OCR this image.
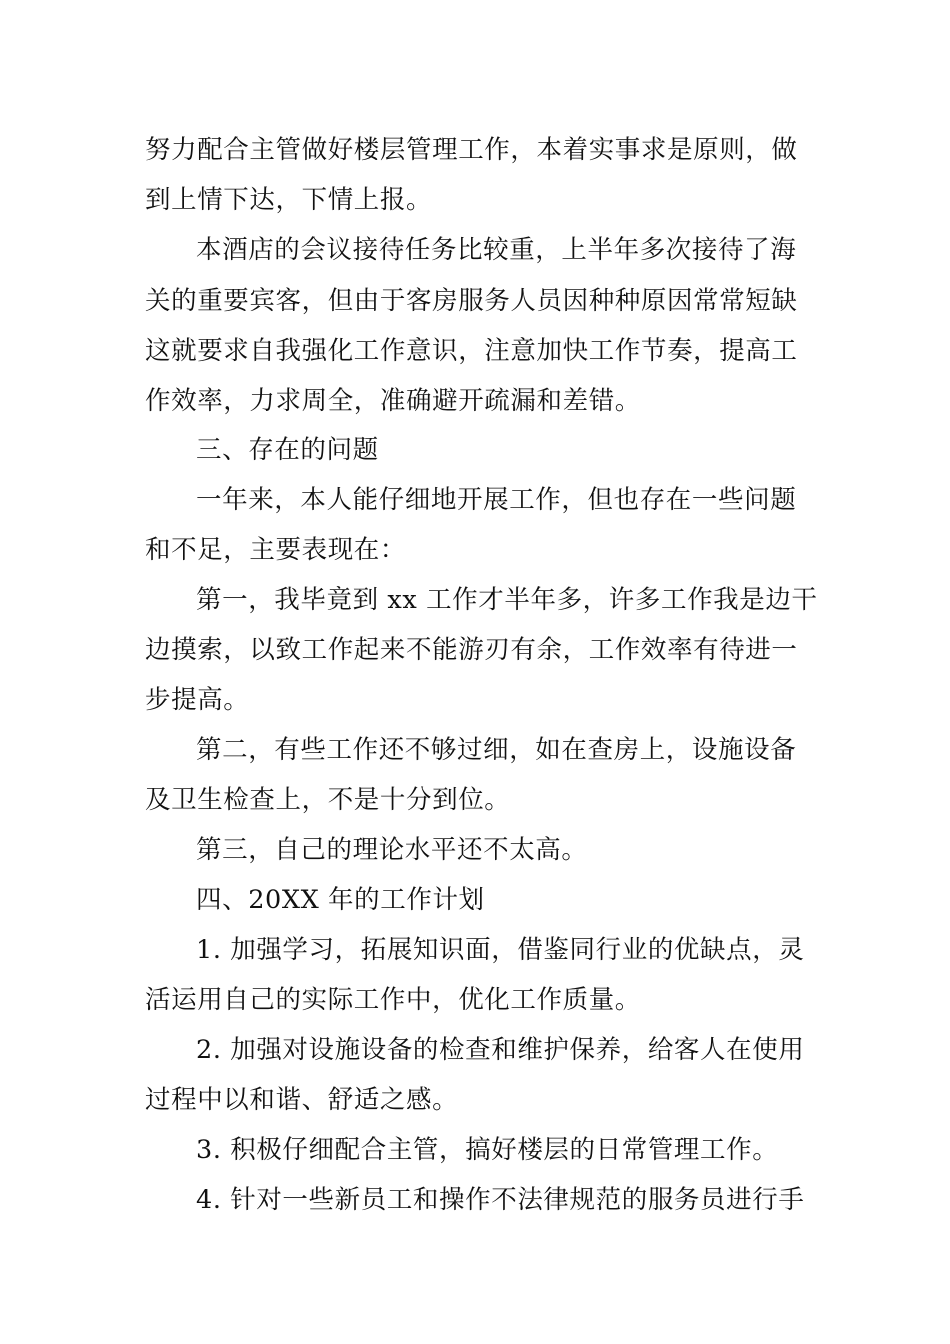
努力配合主管做好楼层管理工作，本着实事求是原则，做
到上情下达，下情上报。
本酒店的会议接待任务比较重，上半年多次接待了海
关的重要宾客，但由于客房服务人员因种种原因常常短缺
这就要求自我强化工作意识，注意加快工作节奏，提高工
作效率，力求周全，准确避开疏漏和差错。
三、存在的问题
一年来，本人能仔细地开展工作，但也存在一些问题
和不足，主要表现在：
第一，我毕竟到 xx 工作才半年多，许多工作我是边干
边摸索，以致工作起来不能游刃有余，工作效率有待进一
步提高。
第二，有些工作还不够过细，如在查房上，设施设备
及卫生检查上，不是十分到位。
第三，自己的理论水平还不太高。
四、20XX 年的工作计划
1. 加强学习，拓展知识面，借鉴同行业的优缺点，灵
活运用自己的实际工作中，优化工作质量。
2. 加强对设施设备的检查和维护保养，给客人在使用
过程中以和谐、舒适之感。
3. 积极仔细配合主管，搞好楼层的日常管理工作。
4. 针对一些新员工和操作不法律规范的服务员进行手
